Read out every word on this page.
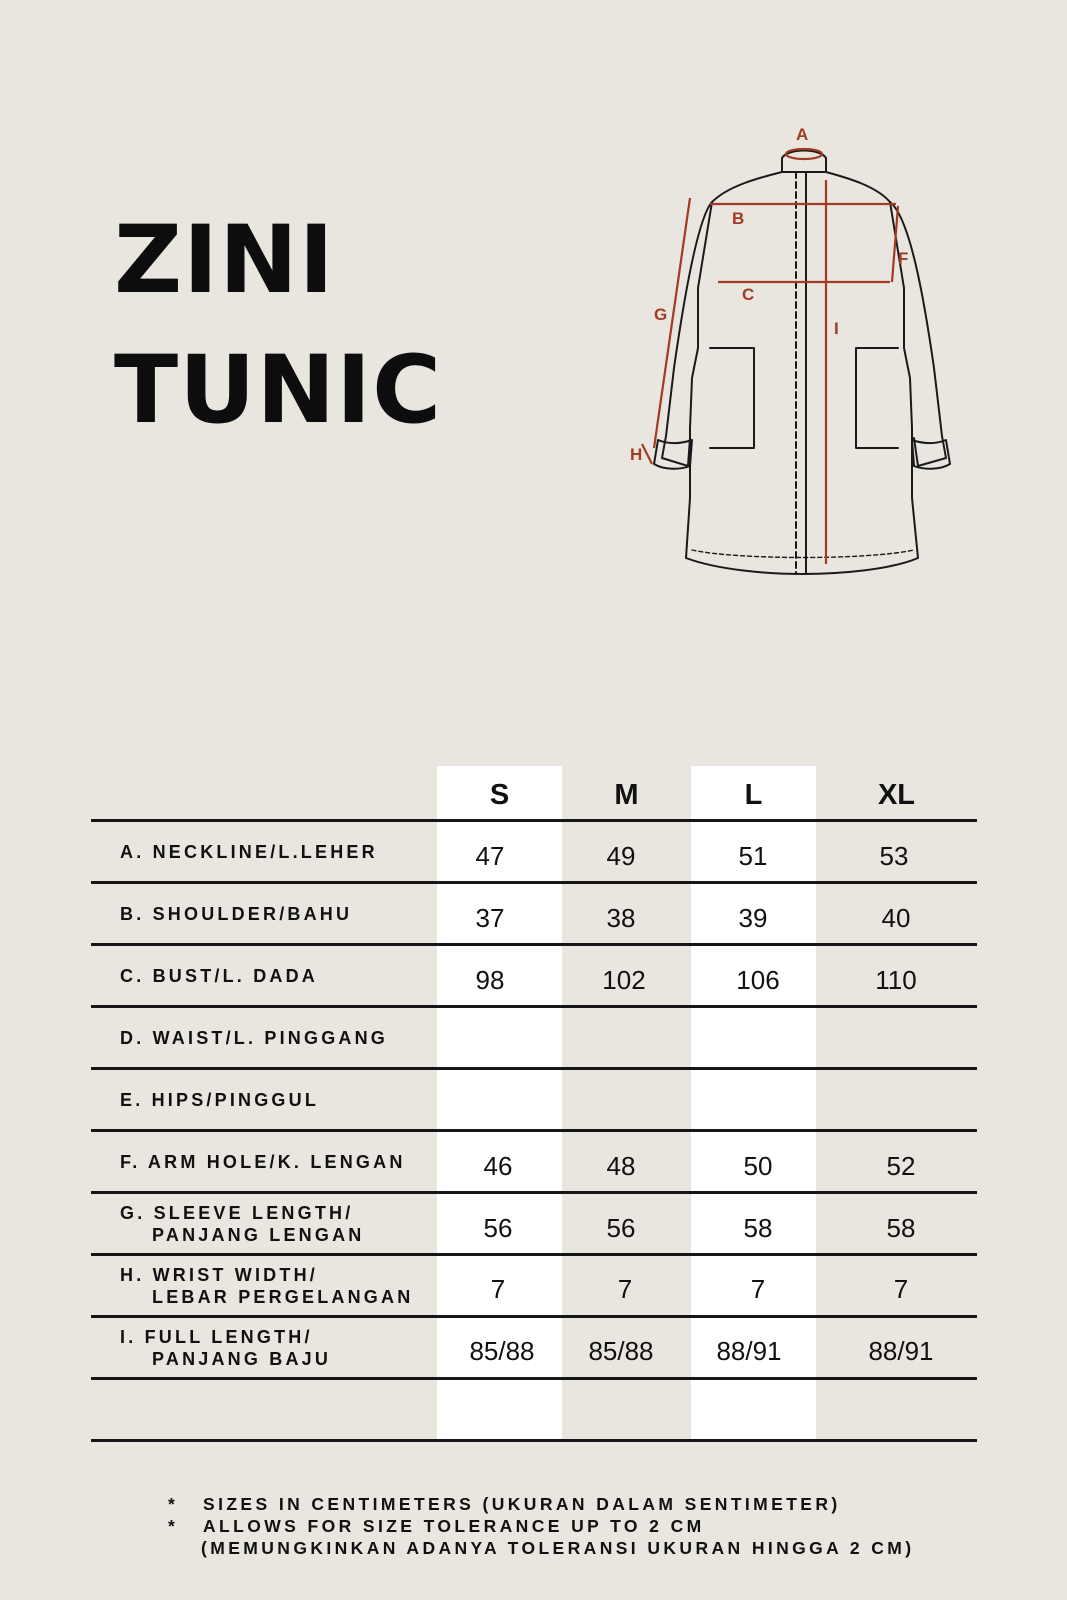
ZINI
TUNIC
A
B
C
F
G
H
I
S	M	L	XL
A. NECKLINE/L.LEHER	47	49	51	53
B. SHOULDER/BAHU	37	38	39	40
C. BUST/L. DADA	98	102	106	110
D. WAIST/L. PINGGANG
E. HIPS/PINGGUL
F. ARM HOLE/K. LENGAN	46	48	50	52
G. SLEEVE LENGTH/
PANJANG LENGAN	56	56	58	58
H. WRIST WIDTH/
LEBAR PERGELANGAN	7	7	7	7
I. FULL LENGTH/
PANJANG BAJU	85/88	85/88	88/91	88/91
*	SIZES IN CENTIMETERS (UKURAN DALAM SENTIMETER)
*	ALLOWS FOR SIZE TOLERANCE UP TO 2 CM
(MEMUNGKINKAN ADANYA TOLERANSI UKURAN HINGGA 2 CM)
